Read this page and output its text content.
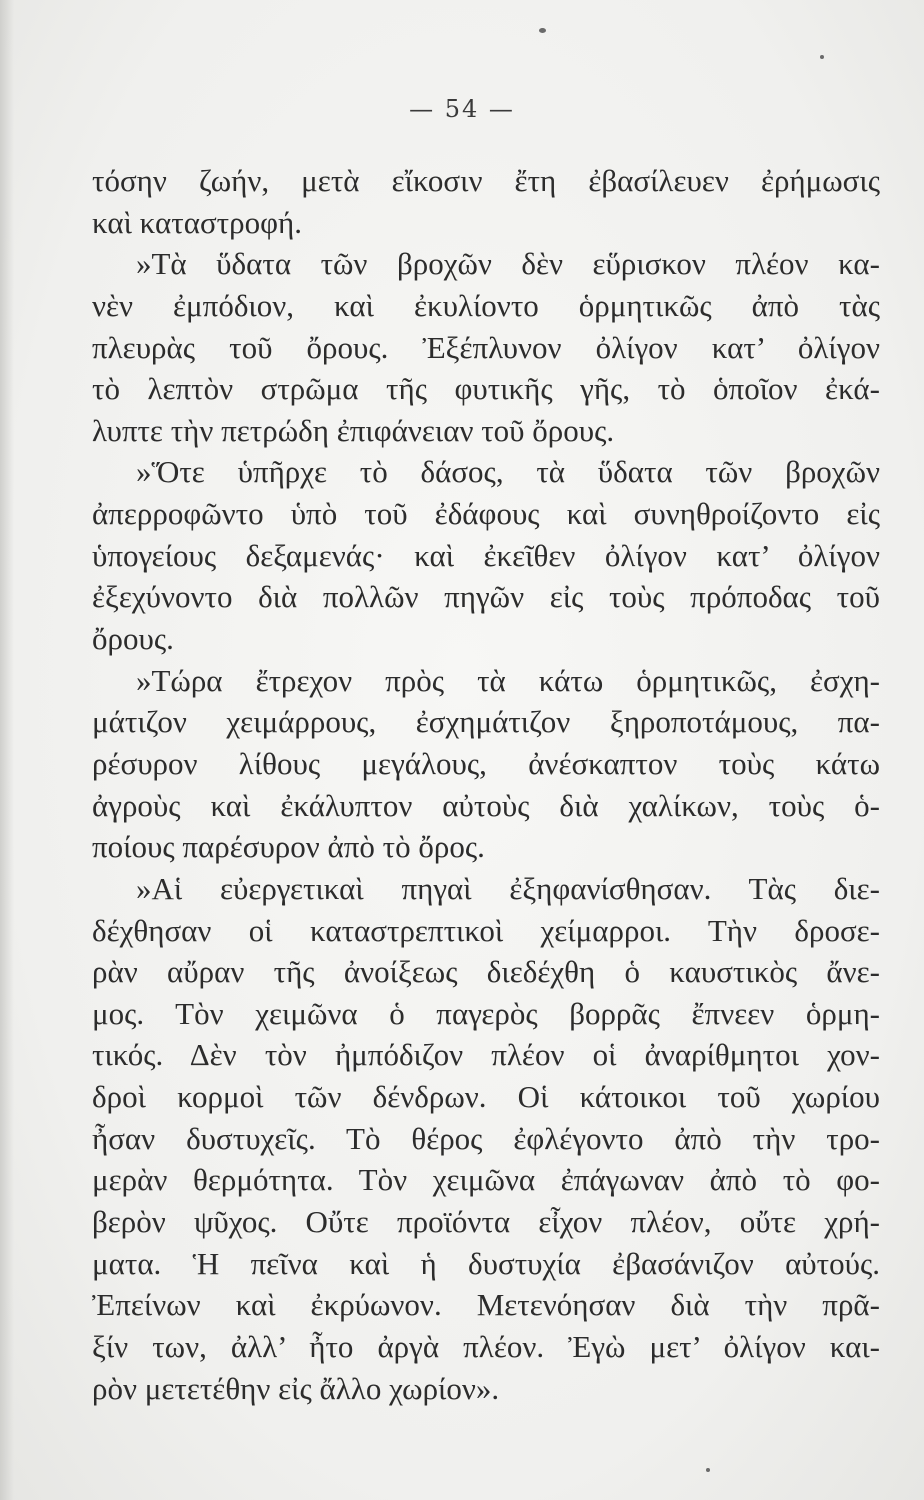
— 54 —
τόσην ζωήν, μετὰ εἴκοσιν ἔτη ἐβασίλευεν ἐρήμωσις
καὶ καταστροφή.
»Τὰ ὕδατα τῶν βροχῶν δὲν εὕρισκον πλέον κα-
νὲν ἐμπόδιον, καὶ ἐκυλίοντο ὁρμητικῶς ἀπὸ τὰς
πλευρὰς τοῦ ὄρους. Ἐξέπλυνον ὀλίγον κατ’ ὀλίγον
τὸ λεπτὸν στρῶμα τῆς φυτικῆς γῆς, τὸ ὁποῖον ἐκά-
λυπτε τὴν πετρώδη ἐπιφάνειαν τοῦ ὄρους.
»Ὅτε ὑπῆρχε τὸ δάσος, τὰ ὕδατα τῶν βροχῶν
ἀπερροφῶντο ὑπὸ τοῦ ἐδάφους καὶ συνηθροίζοντο εἰς
ὑπογείους δεξαμενάς· καὶ ἐκεῖθεν ὀλίγον κατ’ ὀλίγον
ἐξεχύνοντο διὰ πολλῶν πηγῶν εἰς τοὺς πρόποδας τοῦ
ὄρους.
»Τώρα ἔτρεχον πρὸς τὰ κάτω ὁρμητικῶς, ἐσχη-
μάτιζον χειμάρρους, ἐσχημάτιζον ξηροποτάμους, πα-
ρέσυρον λίθους μεγάλους, ἀνέσκαπτον τοὺς κάτω
ἀγροὺς καὶ ἐκάλυπτον αὐτοὺς διὰ χαλίκων, τοὺς ὁ-
ποίους παρέσυρον ἀπὸ τὸ ὄρος.
»Αἱ εὐεργετικαὶ πηγαὶ ἐξηφανίσθησαν. Τὰς διε-
δέχθησαν οἱ καταστρεπτικοὶ χείμαρροι. Τὴν δροσε-
ρὰν αὔραν τῆς ἀνοίξεως διεδέχθη ὁ καυστικὸς ἄνε-
μος. Τὸν χειμῶνα ὁ παγερὸς βορρᾶς ἔπνεεν ὁρμη-
τικός. Δὲν τὸν ἠμπόδιζον πλέον οἱ ἀναρίθμητοι χον-
δροὶ κορμοὶ τῶν δένδρων. Οἱ κάτοικοι τοῦ χωρίου
ἦσαν δυστυχεῖς. Τὸ θέρος ἐφλέγοντο ἀπὸ τὴν τρο-
μερὰν θερμότητα. Τὸν χειμῶνα ἐπάγωναν ἀπὸ τὸ φο-
βερὸν ψῦχος. Οὔτε προϊόντα εἶχον πλέον, οὔτε χρή-
ματα. Ἡ πεῖνα καὶ ἡ δυστυχία ἐβασάνιζον αὐτούς.
Ἐπείνων καὶ ἐκρύωνον. Μετενόησαν διὰ τὴν πρᾶ-
ξίν των, ἀλλ’ ἦτο ἀργὰ πλέον. Ἐγὼ μετ’ ὀλίγον και-
ρὸν μετετέθην εἰς ἄλλο χωρίον».
